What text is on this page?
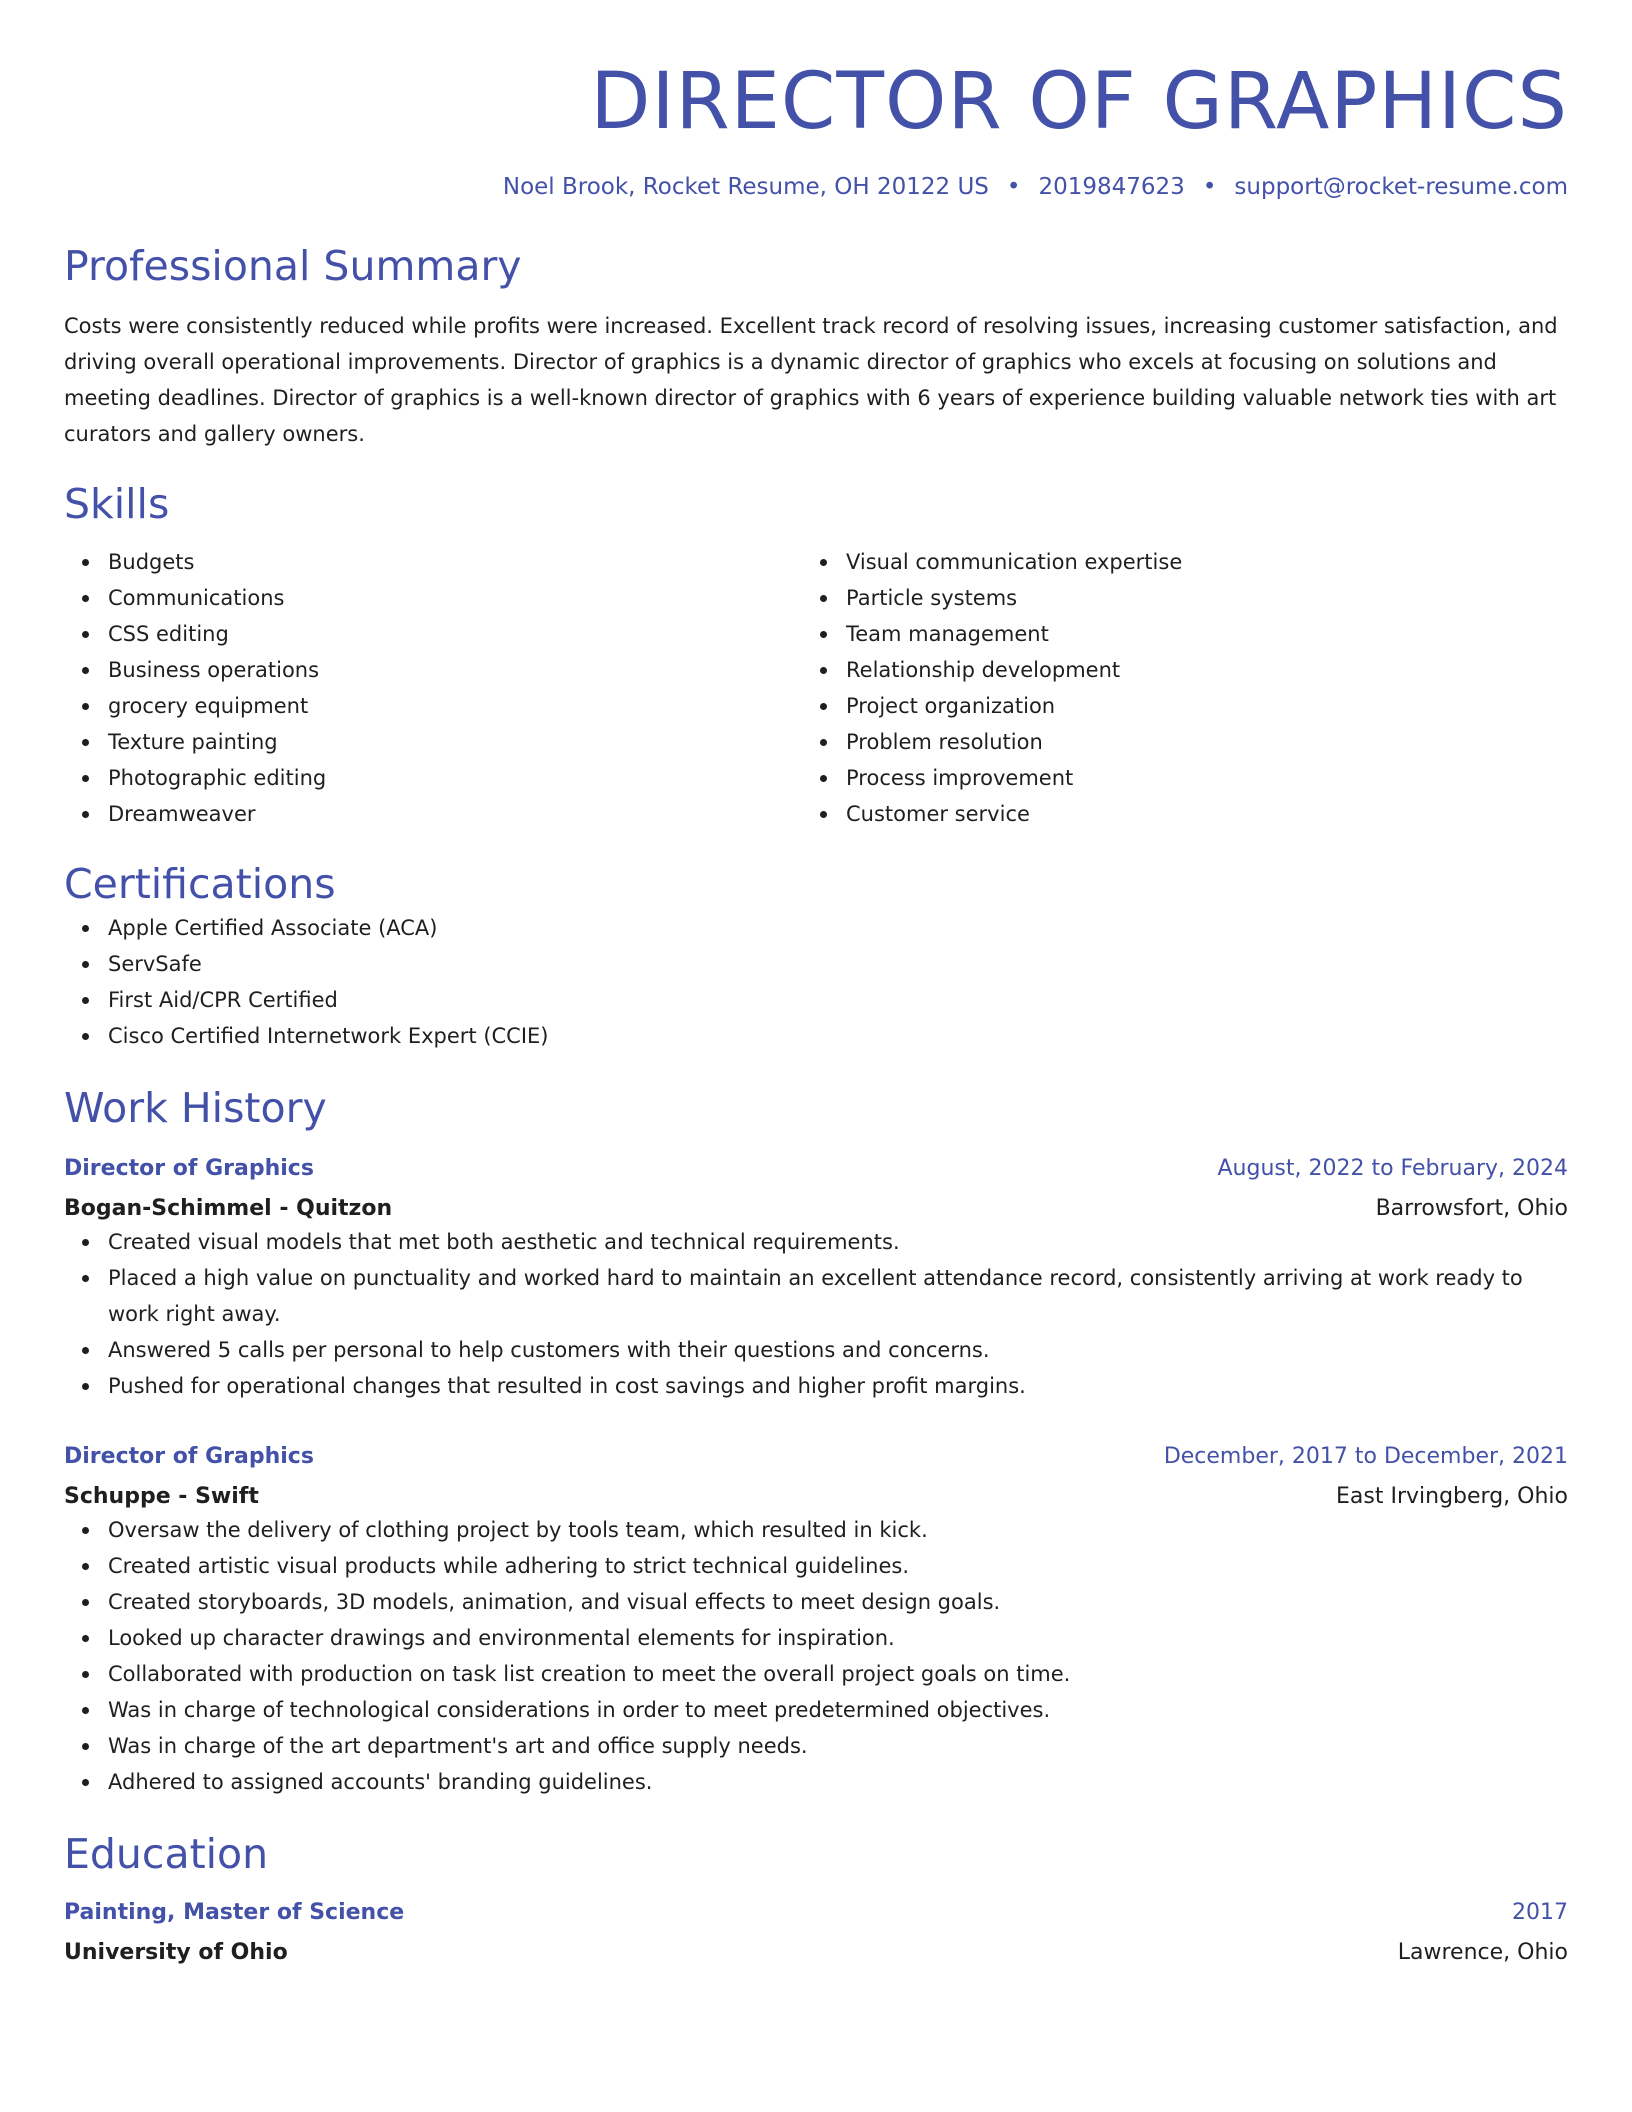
DIRECTOR OF GRAPHICS
Noel Brook, Rocket Resume, OH 20122 US • 2019847623 • support@rocket-resume.com
Professional Summary

Costs were consistently reduced while profits were increased. Excellent track record of resolving issues, increasing customer satisfaction, and driving overall operational improvements. Director of graphics is a dynamic director of graphics who excels at focusing on solutions and meeting deadlines. Director of graphics is a well-known director of graphics with 6 years of experience building valuable network ties with art curators and gallery owners.

Skills
Budgets
Communications
CSS editing
Business operations
grocery equipment
Texture painting
Photographic editing
Dreamweaver
Visual communication expertise
Particle systems
Team management
Relationship development
Project organization
Problem resolution
Process improvement
Customer service
Certifications
Apple Certified Associate (ACA)
ServSafe
First Aid/CPR Certified
Cisco Certified Internetwork Expert (CCIE)
Work History
Director of Graphics	August, 2022 to February, 2024
Bogan-Schimmel - Quitzon	Barrowsfort, Ohio
Created visual models that met both aesthetic and technical requirements.
Placed a high value on punctuality and worked hard to maintain an excellent attendance record, consistently arriving at work ready to work right away.
Answered 5 calls per personal to help customers with their questions and concerns.
Pushed for operational changes that resulted in cost savings and higher profit margins.
Director of Graphics	December, 2017 to December, 2021
Schuppe - Swift	East Irvingberg, Ohio
Oversaw the delivery of clothing project by tools team, which resulted in kick.
Created artistic visual products while adhering to strict technical guidelines.
Created storyboards, 3D models, animation, and visual effects to meet design goals.
Looked up character drawings and environmental elements for inspiration.
Collaborated with production on task list creation to meet the overall project goals on time.
Was in charge of technological considerations in order to meet predetermined objectives.
Was in charge of the art department's art and office supply needs.
Adhered to assigned accounts' branding guidelines.
Education
Painting, Master of Science	2017
University of Ohio	Lawrence, Ohio
